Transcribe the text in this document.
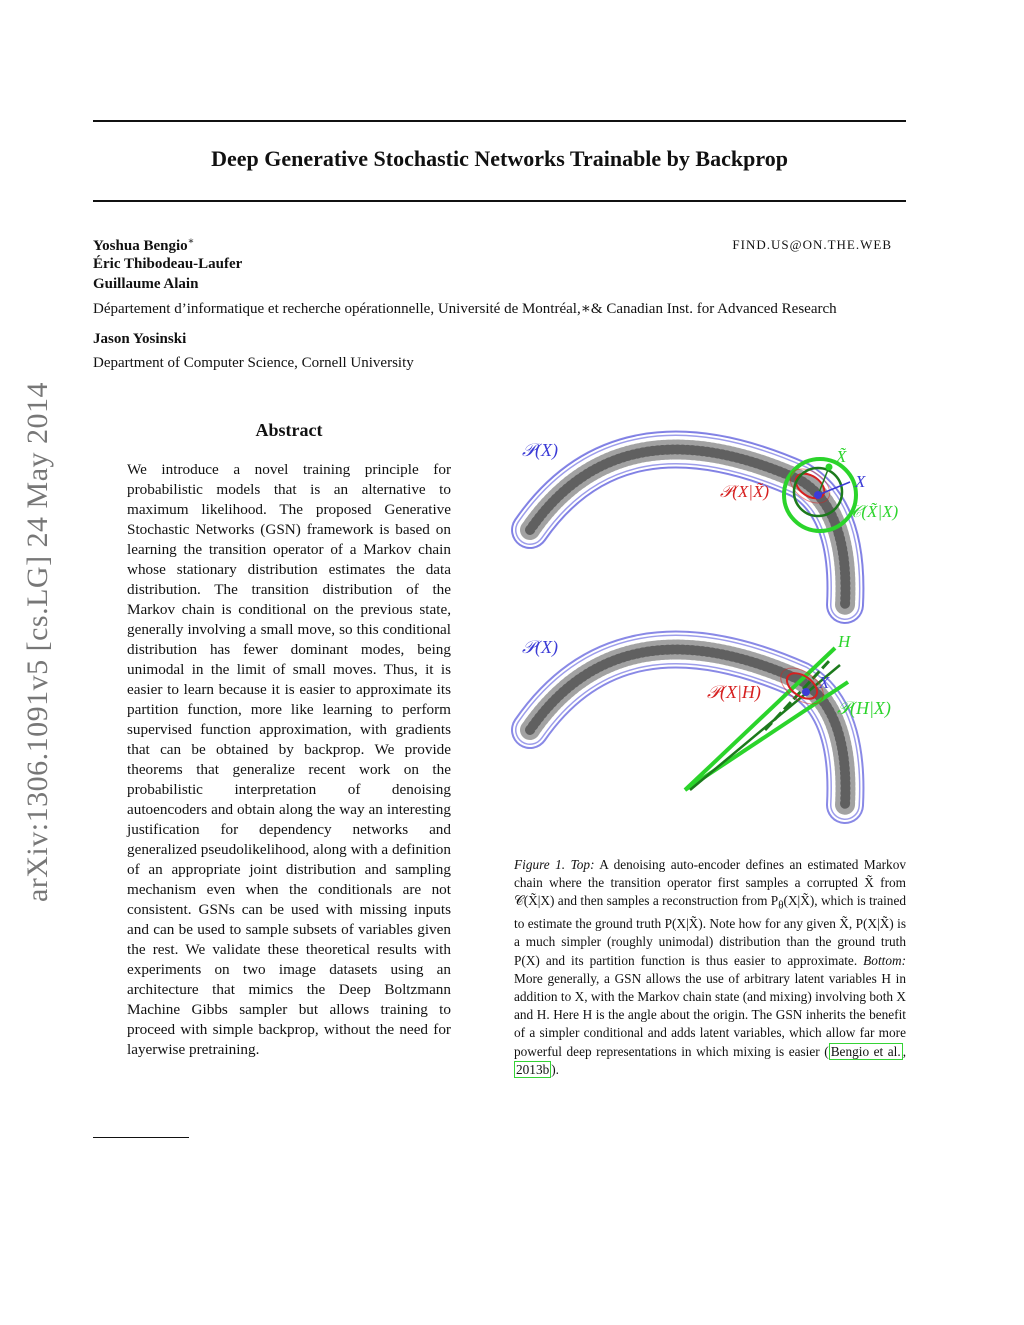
Deep Generative Stochastic Networks Trainable by Backprop
arXiv:1306.1091v5 [cs.LG] 24 May 2014
Yoshua Bengio∗	FIND.US@ON.THE.WEB
Éric Thibodeau-Laufer
Guillaume Alain
Département d’informatique et recherche opérationnelle, Université de Montréal,∗& Canadian Inst. for Advanced Research
Jason Yosinski
Department of Computer Science, Cornell University
Abstract
We introduce a novel training principle for probabilistic models that is an alternative to maximum likelihood. The proposed Generative Stochastic Networks (GSN) framework is based on learning the transition operator of a Markov chain whose stationary distribution estimates the data distribution. The transition distribution of the Markov chain is conditional on the previous state, generally involving a small move, so this conditional distribution has fewer dominant modes, being unimodal in the limit of small moves. Thus, it is easier to learn because it is easier to approximate its partition function, more like learning to perform supervised function approximation, with gradients that can be obtained by backprop. We provide theorems that generalize recent work on the probabilistic interpretation of denoising autoencoders and obtain along the way an interesting justification for dependency networks and generalized pseudolikelihood, along with a definition of an appropriate joint distribution and sampling mechanism even when the conditionals are not consistent. GSNs can be used with missing inputs and can be used to sample subsets of variables given the rest. We validate these theoretical results with experiments on two image datasets using an architecture that mimics the Deep Boltzmann Machine Gibbs sampler but allows training to proceed with simple backprop, without the need for layerwise pretraining.
𝒫(X)	X̃
X
𝒫(X|X̃)
𝒞(X̃|X)
𝒫(X)	H
X
𝒫(X|H)
𝒫(H|X)
Figure 1. Top: A denoising auto-encoder defines an estimated Markov chain where the transition operator first samples a corrupted X̃ from 𝒞(X̃|X) and then samples a reconstruction from $P_\theta(X|X̃)$, which is trained to estimate the ground truth P(X|X̃). Note how for any given X̃, P(X|X̃) is a much simpler (roughly unimodal) distribution than the ground truth P(X) and its partition function is thus easier to approximate. Bottom: More generally, a GSN allows the use of arbitrary latent variables H in addition to X, with the Markov chain state (and mixing) involving both X and H. Here H is the angle about the origin. The GSN inherits the benefit of a simpler conditional and adds latent variables, which allow far more powerful deep representations in which mixing is easier ( Bengio et al. , 2013b ).
